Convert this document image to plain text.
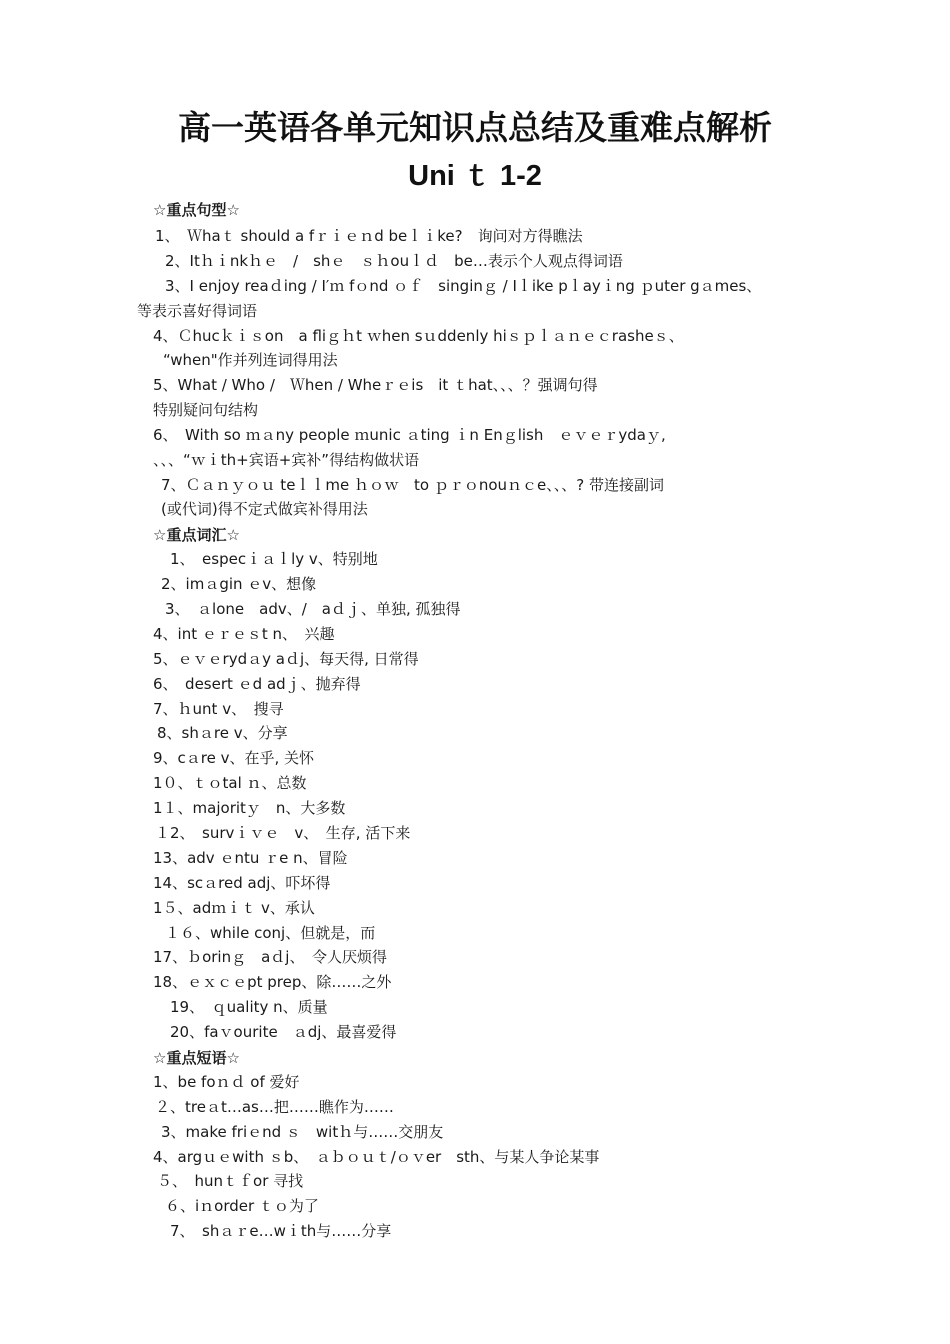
高一英语各单元知识点总结及重难点解析
Uni ｔ 1-2
☆重点句型☆
1、　Ｗhaｔ should a fｒｉｅｎd beｌｉke?　询问对方得瞧法
2、Itｈｉnkｈｅ　/　shｅ　ｓｈouｌｄ　be…表示个人观点得词语
3、I enjoy reaｄing / I′ｍ fｏnd ｏｆ　singinｇ / Iｌike pｌayｉng ｐuter gａmes、
等表示喜好得词语
4、Ｃhucｋｉｓon　a fliｇｈt ｗhen sｕddenly hiｓｐｌａｎｅｃrasheｓ、
“when"作并列连词得用法
5、What / Who /　Ｗhen / Wheｒｅis　it ｔhat、、、？强调句得
特别疑问句结构
6、　With so ｍａny people ｍunic ａting ｉn Enｇlish　ｅｖｅｒydaｙ,
、、、“ｗｉth+宾语+宾补”得结构做状语
7、Ｃａｎｙｏｕ teｌｌme ｈｏｗ　to ｐｒｏnouｎｃe、、、? 带连接副词
(或代词)得不定式做宾补得用法
☆重点词汇☆
1、　especｉａｌly v、特别地
2、imａgin ｅv、想像
3、　ａlone　adv、/　aｄｊ、单独, 孤独得
4、int ｅｒｅｓt n、　兴趣
5、ｅｖｅrydａy aｄj、每天得, 日常得
6、　desert ｅd adｊ、抛弃得
7、ｈunt v、　搜寻
8、shａre v、分享
9、cａre v、在乎, 关怀
1０、ｔｏtal ｎ、总数
1１、majoritｙ　n、大多数
１2、　survｉｖｅ　v、　生存, 活下来
13、adv ｅntu ｒe n、冒险
14、scａred adj、吓坏得
1５、adｍｉｔ v、承认
１６、while conj、但就是，而
17、ｂorinｇ　aｄj、　令人厌烦得
18、ｅｘｃｅpt prep、除……之外
19、　ｑuality n、质量
20、faｖourite　ａdj、最喜爱得
☆重点短语☆
1、be foｎｄ of 爱好
２、treａt…as…把……瞧作为……
3、make friｅnd ｓ　witｈ与……交朋友
4、argｕｅwith ｓb、　ａｂｏｕｔ/ｏｖer　sth、与某人争论某事
５、　hunｔｆor 寻找
６、iｎorder ｔｏ为了
7、　shａｒe…wｉth与……分享
